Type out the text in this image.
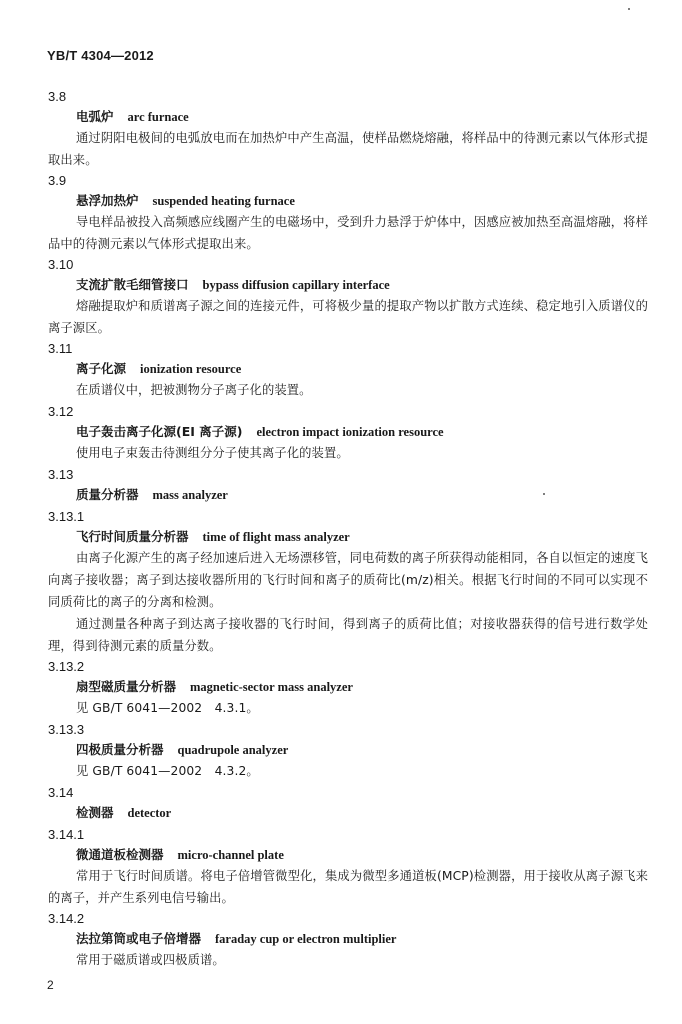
YB/T 4304—2012
3.8
电弧炉 arc furnace
通过阴阳电极间的电弧放电而在加热炉中产生高温，使样品燃烧熔融，将样品中的待测元素以气体形式提取出来。
3.9
悬浮加热炉 suspended heating furnace
导电样品被投入高频感应线圈产生的电磁场中，受到升力悬浮于炉体中，因感应被加热至高温熔融，将样品中的待测元素以气体形式提取出来。
3.10
支流扩散毛细管接口 bypass diffusion capillary interface
熔融提取炉和质谱离子源之间的连接元件，可将极少量的提取产物以扩散方式连续、稳定地引入质谱仪的离子源区。
3.11
离子化源 ionization resource
在质谱仪中，把被测物分子离子化的装置。
3.12
电子轰击离子化源(EI 离子源) electron impact ionization resource
使用电子束轰击待测组分分子使其离子化的装置。
3.13
质量分析器 mass analyzer
3.13.1
飞行时间质量分析器 time of flight mass analyzer
由离子化源产生的离子经加速后进入无场漂移管，同电荷数的离子所获得动能相同，各自以恒定的速度飞向离子接收器；离子到达接收器所用的飞行时间和离子的质荷比(m/z)相关。根据飞行时间的不同可以实现不同质荷比的离子的分离和检测。
通过测量各种离子到达离子接收器的飞行时间，得到离子的质荷比值；对接收器获得的信号进行数学处理，得到待测元素的质量分数。
3.13.2
扇型磁质量分析器 magnetic-sector mass analyzer
见 GB/T 6041—2002　4.3.1。
3.13.3
四极质量分析器 quadrupole analyzer
见 GB/T 6041—2002　4.3.2。
3.14
检测器 detector
3.14.1
微通道板检测器 micro-channel plate
常用于飞行时间质谱。将电子倍增管微型化，集成为微型多通道板(MCP)检测器，用于接收从离子源飞来的离子，并产生系列电信号输出。
3.14.2
法拉第筒或电子倍增器 faraday cup or electron multiplier
常用于磁质谱或四极质谱。
2
